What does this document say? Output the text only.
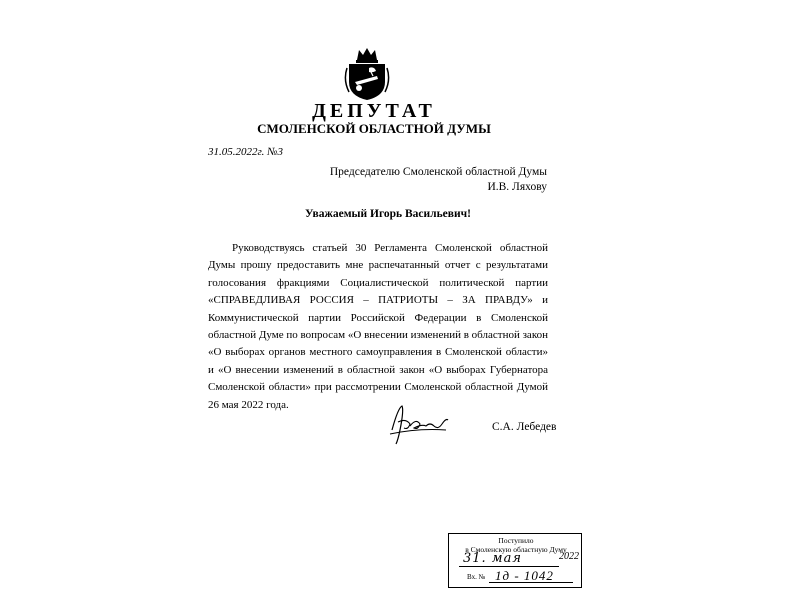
ДЕПУТАТ
СМОЛЕНСКОЙ ОБЛАСТНОЙ ДУМЫ
31.05.2022г. №3
Председателю Смоленской областной Думы
И.В. Ляхову
Уважаемый Игорь Васильевич!
Руководствуясь статьей 30 Регламента Смоленской областной Думы прошу предоставить мне распечатанный отчет с результатами голосования фракциями Социалистической политической партии «СПРАВЕДЛИВАЯ РОССИЯ – ПАТРИОТЫ – ЗА ПРАВДУ» и Коммунистической партии Российской Федерации в Смоленской областной Думе по вопросам «О внесении изменений в областной закон «О выборах органов местного самоуправления в Смоленской области» и «О внесении изменений в областной закон «О выборах Губернатора Смоленской области» при рассмотрении Смоленской областной Думой 26 мая 2022 года.
С.А. Лебедев
Поступило
в Смоленскую областную Думу
31. мая	2022
Вх. № 1д - 1042
